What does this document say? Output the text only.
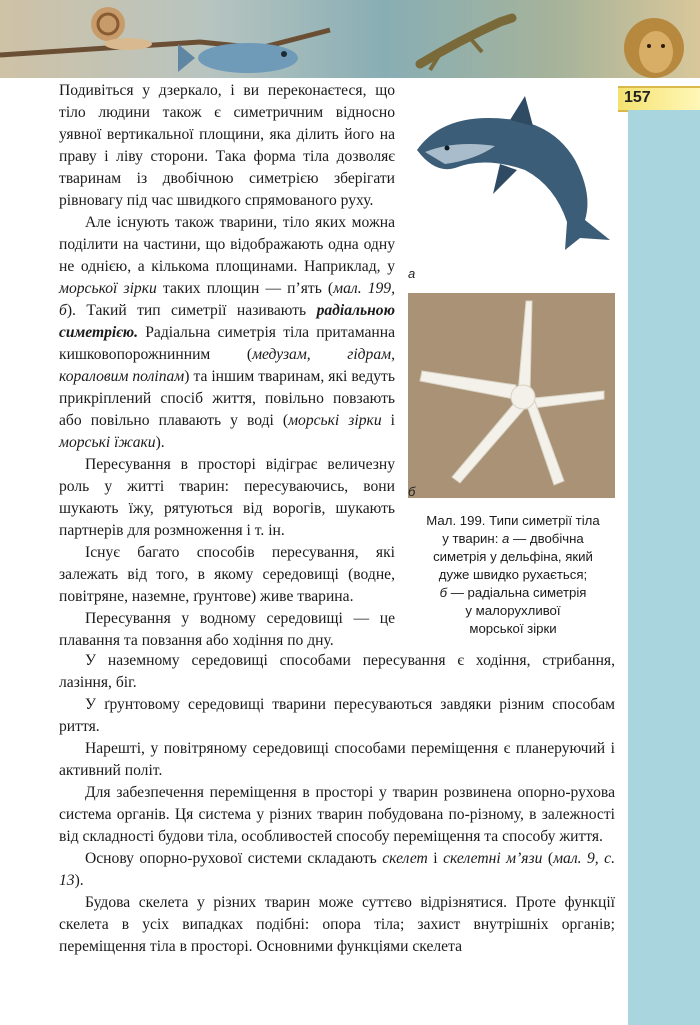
157
а
б
Мал. 199. Типи симетрії тіла
у тварин: а — двобічна
симетрія у дельфіна, який
дуже швидко рухається;
б — радіальна симетрія
у малорухливої
морської зірки

Подивіться у дзеркало, і ви переконаєтеся, що тіло людини також є симетричним відносно уявної вертикальної площини, яка ділить його на праву і ліву сторони. Така форма тіла дозволяє тваринам із двобічною симетрією зберігати рівновагу під час швидкого спрямованого руху.

Але існують також тварини, тіло яких можна поділити на частини, що відображають одна одну не однією, а кількома площинами. Наприклад, у морської зірки таких площин — п’ять (мал. 199, б). Такий тип симетрії називають радіальною симетрією. Радіальна симетрія тіла притаманна кишковопорожнинним (медузам, гідрам, кораловим поліпам) та іншим тваринам, які ведуть прикріплений спосіб життя, повільно повзають або повільно плавають у воді (морські зірки і морські їжаки).

Пересування в просторі відіграє величезну роль у житті тварин: пересуваючись, вони шукають їжу, рятуються від ворогів, шукають партнерів для розмноження і т. ін.

Існує багато способів пересування, які залежать від того, в якому середовищі (водне, повітряне, наземне, ґрунтове) живе тварина.

Пересування у водному середовищі — це плавання та повзання або ходіння по дну.

У наземному середовищі способами пересування є ходіння, стрибання, лазіння, біг.

У ґрунтовому середовищі тварини пересуваються завдяки різним способам риття.

Нарешті, у повітряному середовищі способами переміщення є планеруючий і активний політ.

Для забезпечення переміщення в просторі у тварин розвинена опорно-рухова система органів. Ця система у різних тварин побудована по-різному, в залежності від складності будови тіла, особливостей способу переміщення та способу життя.

Основу опорно-рухової системи складають скелет і скелетні м’язи (мал. 9, с. 13).

Будова скелета у різних тварин може суттєво відрізнятися. Проте функції скелета в усіх випадках подібні: опора тіла; захист внутрішніх органів; переміщення тіла в просторі. Основними функціями скелета
